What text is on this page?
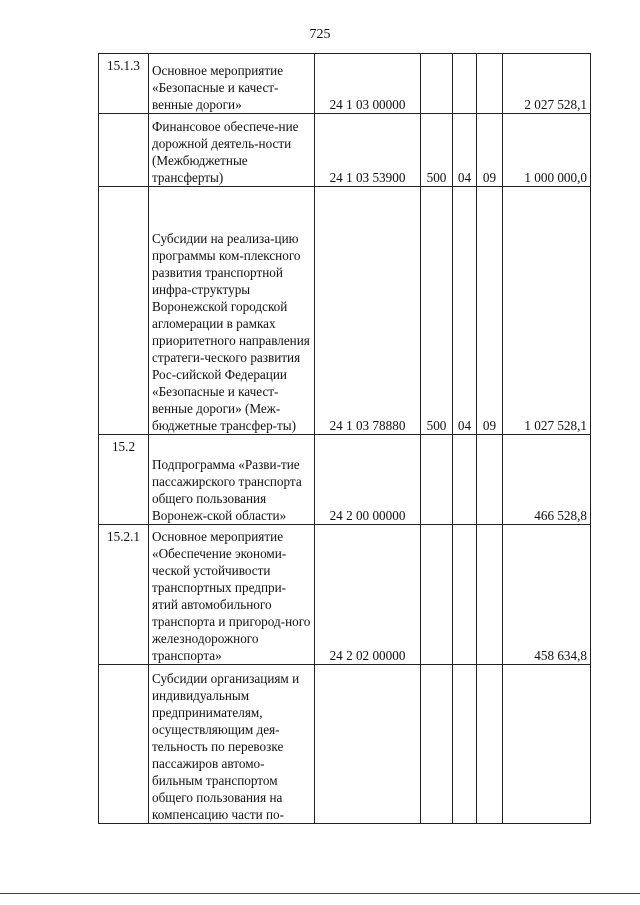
725
15.1.3	Основное мероприятие «Безопасные и качест-венные дороги»	24 1 03 00000				2 027 528,1
	Финансовое обеспече-ние дорожной деятель-ности (Межбюджетные трансферты)	24 1 03 53900	500	04	09	1 000 000,0
	Субсидии на реализа-цию программы ком-плексного развития транспортной инфра-структуры Воронежской городской агломерации в рамках приоритетного направления стратеги-ческого развития Рос-сийской Федерации «Безопасные и качест-венные дороги» (Меж-бюджетные трансфер-ты)	24 1 03 78880	500	04	09	1 027 528,1
15.2	Подпрограмма «Разви-тие пассажирского транспорта общего пользования Воронеж-ской области»	24 2 00 00000				466 528,8
15.2.1	Основное мероприятие «Обеспечение экономи-ческой устойчивости транспортных предпри-ятий автомобильного транспорта и пригород-ного железнодорожного транспорта»	24 2 02 00000				458 634,8
	Субсидии организациям и индивидуальным предпринимателям, осуществляющим дея-тельность по перевозке пассажиров автомо-бильным транспортом общего пользования на компенсацию части по-					
